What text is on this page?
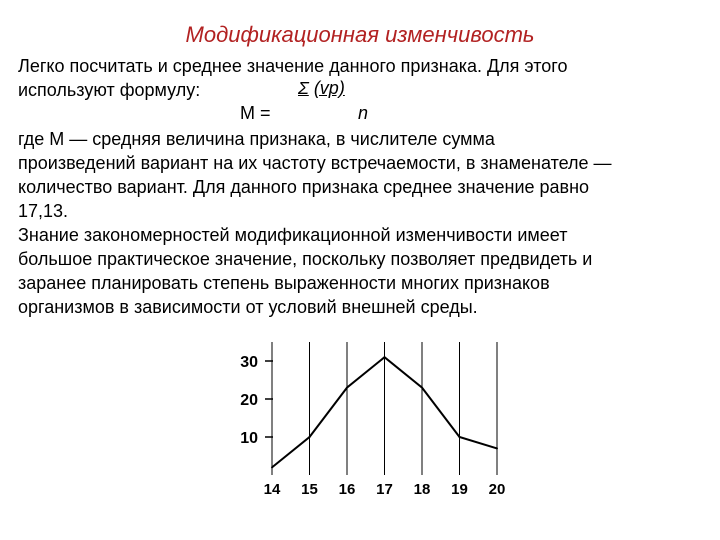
Модификационная изменчивость
Легко посчитать и среднее значение данного признака. Для этого
используют формулу:	Σ (vp)
M =	n
где М — средняя величина признака, в числителе сумма
произведений вариант на их частоту встречаемости, в знаменателе —
количество вариант. Для данного признака среднее значение равно
17,13.
Знание закономерностей модификационной изменчивости имеет
большое практическое значение, поскольку позволяет предвидеть и
заранее планировать степень выраженности многих признаков
организмов в зависимости от условий внешней среды.
10
20
30
14 15 16 17 18 19 20
